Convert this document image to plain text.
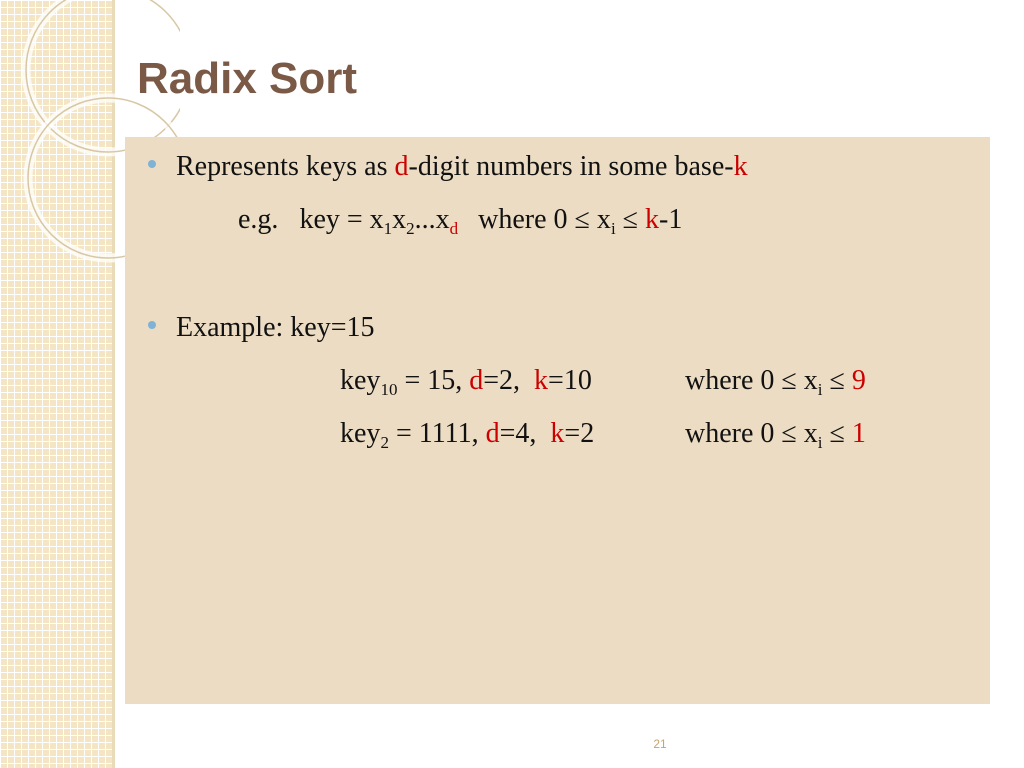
Radix Sort
Represents keys as d-digit numbers in some base-k
e.g. key = $x_1x_2...x_d$ where $0 \le x_i \le k-1$
Example: key=15
key$_{10}$ = 15, d=2,  k=10	where $0 \le x_i \le 9$
key$_2$ = 1111, d=4,  k=2	where $0 \le x_i \le 1$
21
